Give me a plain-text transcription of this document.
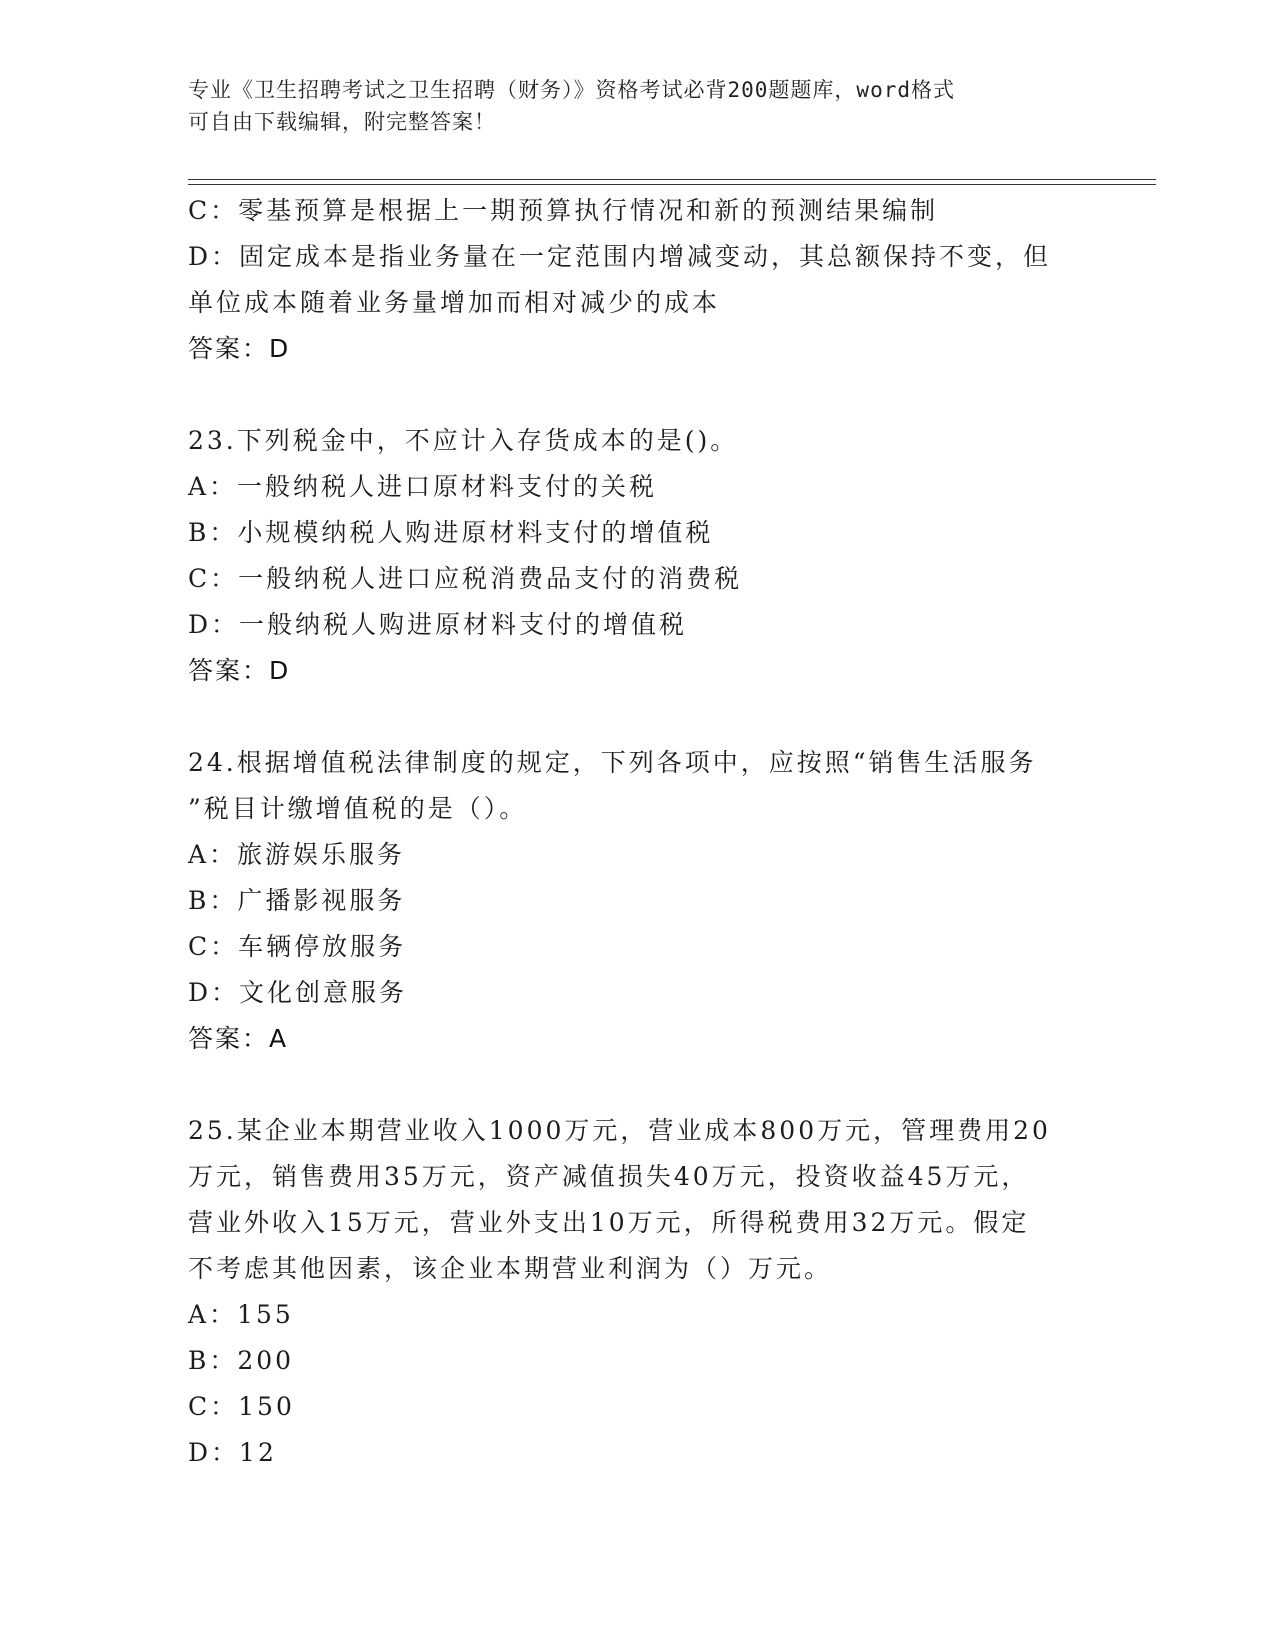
专业《卫生招聘考试之卫生招聘（财务）》资格考试必背200题题库，word格式
可自由下载编辑，附完整答案！
C：零基预算是根据上一期预算执行情况和新的预测结果编制
D：固定成本是指业务量在一定范围内增减变动，其总额保持不变，但
单位成本随着业务量增加而相对减少的成本
答案：D
23.下列税金中，不应计入存货成本的是()。
A：一般纳税人进口原材料支付的关税
B：小规模纳税人购进原材料支付的增值税
C：一般纳税人进口应税消费品支付的消费税
D：一般纳税人购进原材料支付的增值税
答案：D
24.根据增值税法律制度的规定，下列各项中，应按照“销售生活服务
”税目计缴增值税的是（）。
A：旅游娱乐服务
B：广播影视服务
C：车辆停放服务
D：文化创意服务
答案：A
25.某企业本期营业收入1000万元，营业成本800万元，管理费用20
万元，销售费用35万元，资产减值损失40万元，投资收益45万元，
营业外收入15万元，营业外支出10万元，所得税费用32万元。假定
不考虑其他因素，该企业本期营业利润为（）万元。
A：155
B：200
C：150
D：12
